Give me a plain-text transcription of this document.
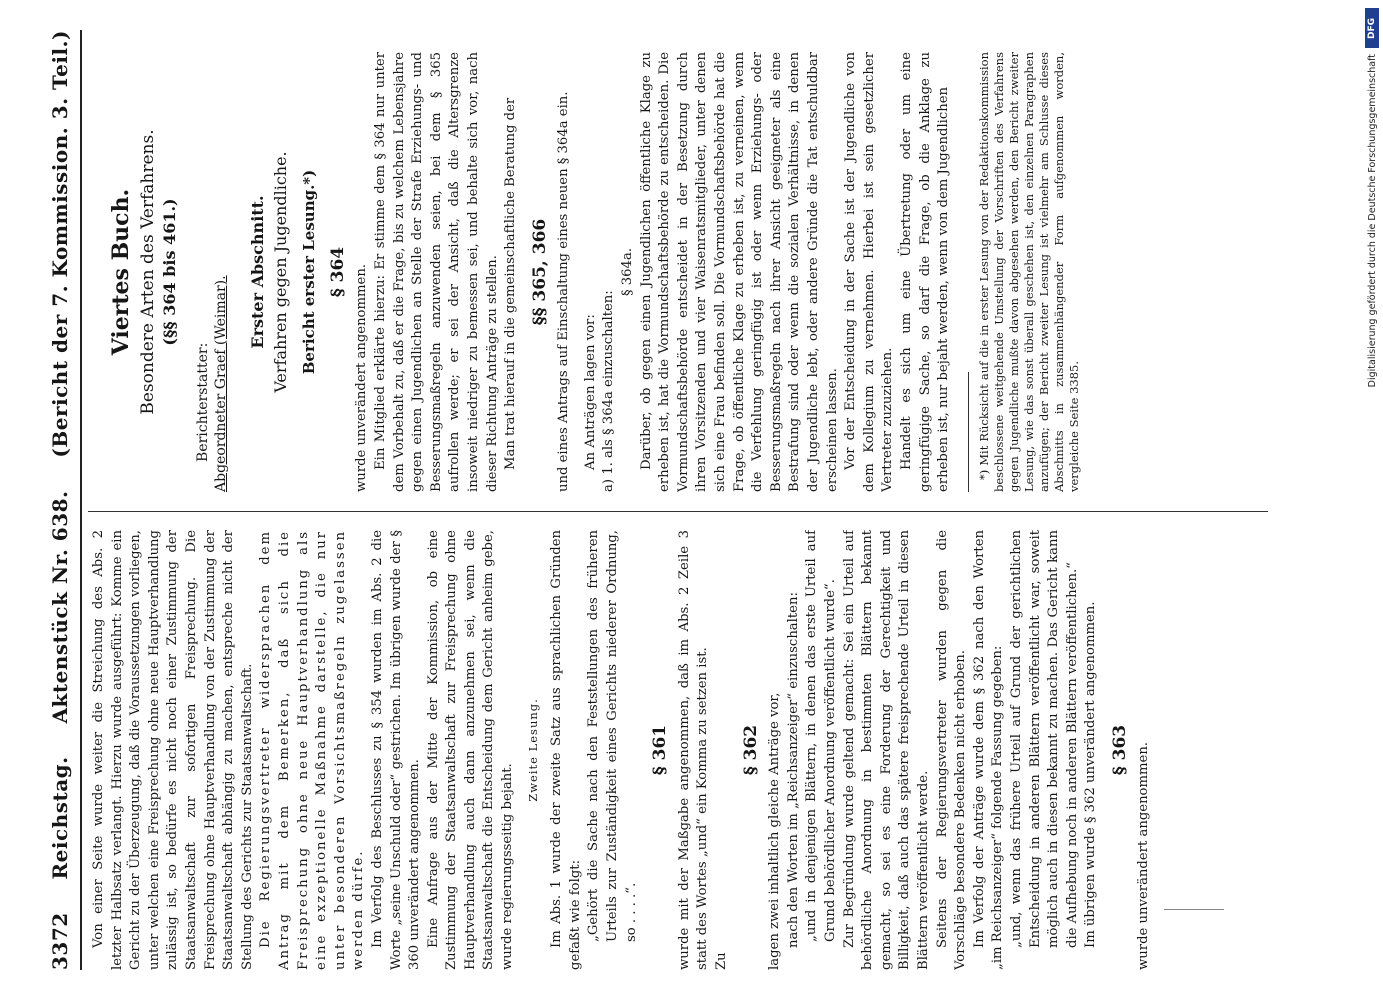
3372
Reichstag.
Aktenstück Nr. 638.
(Bericht der 7. Kommission. 3. Teil.)

Von einer Seite wurde weiter die Streichung des Abs. 2 letzter Halbsatz verlangt. Hierzu wurde ausgeführt: Komme ein Gericht zu der Überzeugung, daß die Voraussetzungen vorliegen, unter welchen eine Freisprechung ohne neue Hauptverhandlung zulässig ist, so bedürfe es nicht noch einer Zustimmung der Staatsanwaltschaft zur sofortigen Freisprechung. Die Freisprechung ohne Hauptverhandlung von der Zustimmung der Staatsanwaltschaft abhängig zu machen, entspreche nicht der Stellung des Gerichts zur Staatsanwaltschaft. Die Regierungsvertreter widersprachen dem Antrag mit dem Bemerken, daß sich die Freisprechung ohne neue Hauptverhandlung als eine exzeptionelle Maßnahme darstelle, die nur unter besonderen Vorsichtsmaßregeln zugelassen werden dürfe. Im Verfolg des Beschlusses zu § 354 wurden im Abs. 2 die Worte „seine Unschuld oder“ gestrichen. Im übrigen wurde der § 360 unverändert angenommen. Eine Anfrage aus der Mitte der Kommission, ob eine Zustimmung der Staatsanwaltschaft zur Freisprechung ohne Hauptverhandlung auch dann anzunehmen sei, wenn die Staatsanwaltschaft die Entscheidung dem Gericht anheim gebe, wurde regierungsseitig bejaht.

Zweite Lesung. Im Abs. 1 wurde der zweite Satz aus sprachlichen Gründen gefaßt wie folgt: „Gehört die Sache nach den Feststellungen des früheren Urteils zur Zuständigkeit eines Gerichts niederer Ordnung, so . . . .“.

§ 361 wurde mit der Maßgabe angenommen, daß im Abs. 2 Zeile 3 statt des Wortes „und“ ein Komma zu setzen ist. Zu

§ 362 lagen zwei inhaltlich gleiche Anträge vor, nach den Worten im „Reichsanzeiger“ einzuschalten: „und in denjenigen Blättern, in denen das erste Urteil auf Grund behördlicher Anordnung veröffentlicht wurde“. Zur Begründung wurde geltend gemacht: Sei ein Urteil auf behördliche Anordnung in bestimmten Blättern bekannt gemacht, so sei es eine Forderung der Gerechtigkeit und Billigkeit, daß auch das spätere freisprechende Urteil in diesen Blättern veröffentlicht werde. Seitens der Regierungsvertreter wurden gegen die Vorschläge besondere Bedenken nicht erhoben. Im Verfolg der Anträge wurde dem § 362 nach den Worten „im Reichsanzeiger“ folgende Fassung gegeben: „und, wenn das frühere Urteil auf Grund der gerichtlichen Entscheidung in anderen Blättern veröffentlicht war, soweit möglich auch in diesen bekannt zu machen. Das Gericht kann die Aufhebung noch in anderen Blättern veröffentlichen.“ Im übrigen wurde § 362 unverändert angenommen. § 363 wurde unverändert angenommen.

Viertes Buch. Besondere Arten des Verfahrens. (§§ 364 bis 461.)
Berichterstatter: Abgeordneter Graef (Weimar).
Erster Abschnitt. Verfahren gegen Jugendliche. Bericht erster Lesung.*) § 364 wurde unverändert angenommen. Ein Mitglied erklärte hierzu: Er stimme dem § 364 nur unter dem Vorbehalt zu, daß er die Frage, bis zu welchem Lebensjahre gegen einen Jugendlichen an Stelle der Strafe Erziehungs- und Besserungsmaßregeln anzuwenden seien, bei dem § 365 aufrollen werde; er sei der Ansicht, daß die Altersgrenze insoweit niedriger zu bemessen sei, und behalte sich vor, nach dieser Richtung Anträge zu stellen. Man trat hierauf in die gemeinschaftliche Beratung der §§ 365, 366 und eines Antrags auf Einschaltung eines neuen § 364a ein. An Anträgen lagen vor: a) 1. als § 364a einzuschalten:

§ 364a. Darüber, ob gegen einen Jugendlichen öffentliche Klage zu erheben ist, hat die Vormundschaftsbehörde zu entscheiden. Die Vormundschaftsbehörde entscheidet in der Besetzung durch ihren Vorsitzenden und vier Waisenratsmitglieder, unter denen sich eine Frau befinden soll. Die Vormundschaftsbehörde hat die Frage, ob öffentliche Klage zu erheben ist, zu verneinen, wenn die Verfehlung geringfügig ist oder wenn Erziehungs- oder Besserungsmaßregeln nach ihrer Ansicht geeigneter als eine Bestrafung sind oder wenn die sozialen Verhältnisse, in denen der Jugendliche lebt, oder andere Gründe die Tat entschuldbar erscheinen lassen. Vor der Entscheidung in der Sache ist der Jugendliche von dem Kollegium zu vernehmen. Hierbei ist sein gesetzlicher Vertreter zuzuziehen. Handelt es sich um eine Übertretung oder um eine geringfügige Sache, so darf die Frage, ob die Anklage zu erheben ist, nur bejaht werden, wenn von dem Jugendlichen *) Mit Rücksicht auf die in erster Lesung von der Redaktionskommission beschlossene weitgehende Umstellung der Vorschriften des Verfahrens gegen Jugendliche mußte davon abgesehen werden, den Bericht zweiter Lesung, wie das sonst überall geschehen ist, den einzelnen Paragraphen anzufügen; der Bericht zweiter Lesung ist vielmehr am Schlusse dieses Abschnitts in zusammenhängender Form aufgenommen worden, vergleiche Seite 3385.

DFG
Digitalisierung gefördert durch die Deutsche Forschungsgemeinschaft
